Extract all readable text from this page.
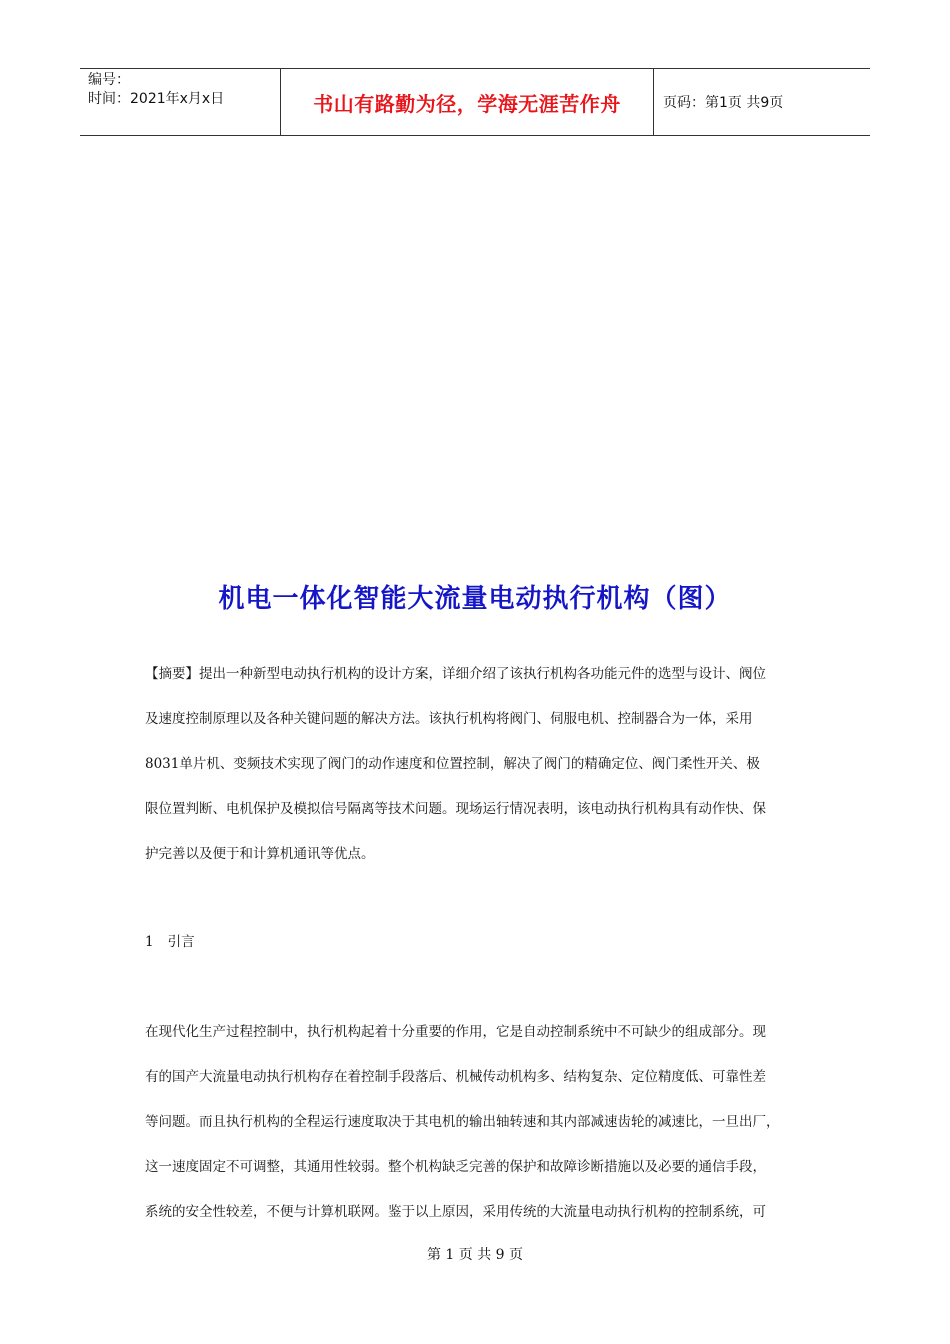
编号：
时间：2021年x月x日	书山有路勤为径，学海无涯苦作舟	页码：第1页 共9页
机电一体化智能大流量电动执行机构（图）
【摘要】提出一种新型电动执行机构的设计方案，详细介绍了该执行机构各功能元件的选型与设计、阀位
及速度控制原理以及各种关键问题的解决方法。该执行机构将阀门、伺服电机、控制器合为一体，采用
8031单片机、变频技术实现了阀门的动作速度和位置控制，解决了阀门的精确定位、阀门柔性开关、极
限位置判断、电机保护及模拟信号隔离等技术问题。现场运行情况表明，该电动执行机构具有动作快、保
护完善以及便于和计算机通讯等优点。
1 引言
在现代化生产过程控制中，执行机构起着十分重要的作用，它是自动控制系统中不可缺少的组成部分。现
有的国产大流量电动执行机构存在着控制手段落后、机械传动机构多、结构复杂、定位精度低、可靠性差
等问题。而且执行机构的全程运行速度取决于其电机的输出轴转速和其内部减速齿轮的减速比，一旦出厂，
这一速度固定不可调整，其通用性较弱。整个机构缺乏完善的保护和故障诊断措施以及必要的通信手段，
系统的安全性较差，不便与计算机联网。鉴于以上原因，采用传统的大流量电动执行机构的控制系统，可
第 1 页 共 9 页
